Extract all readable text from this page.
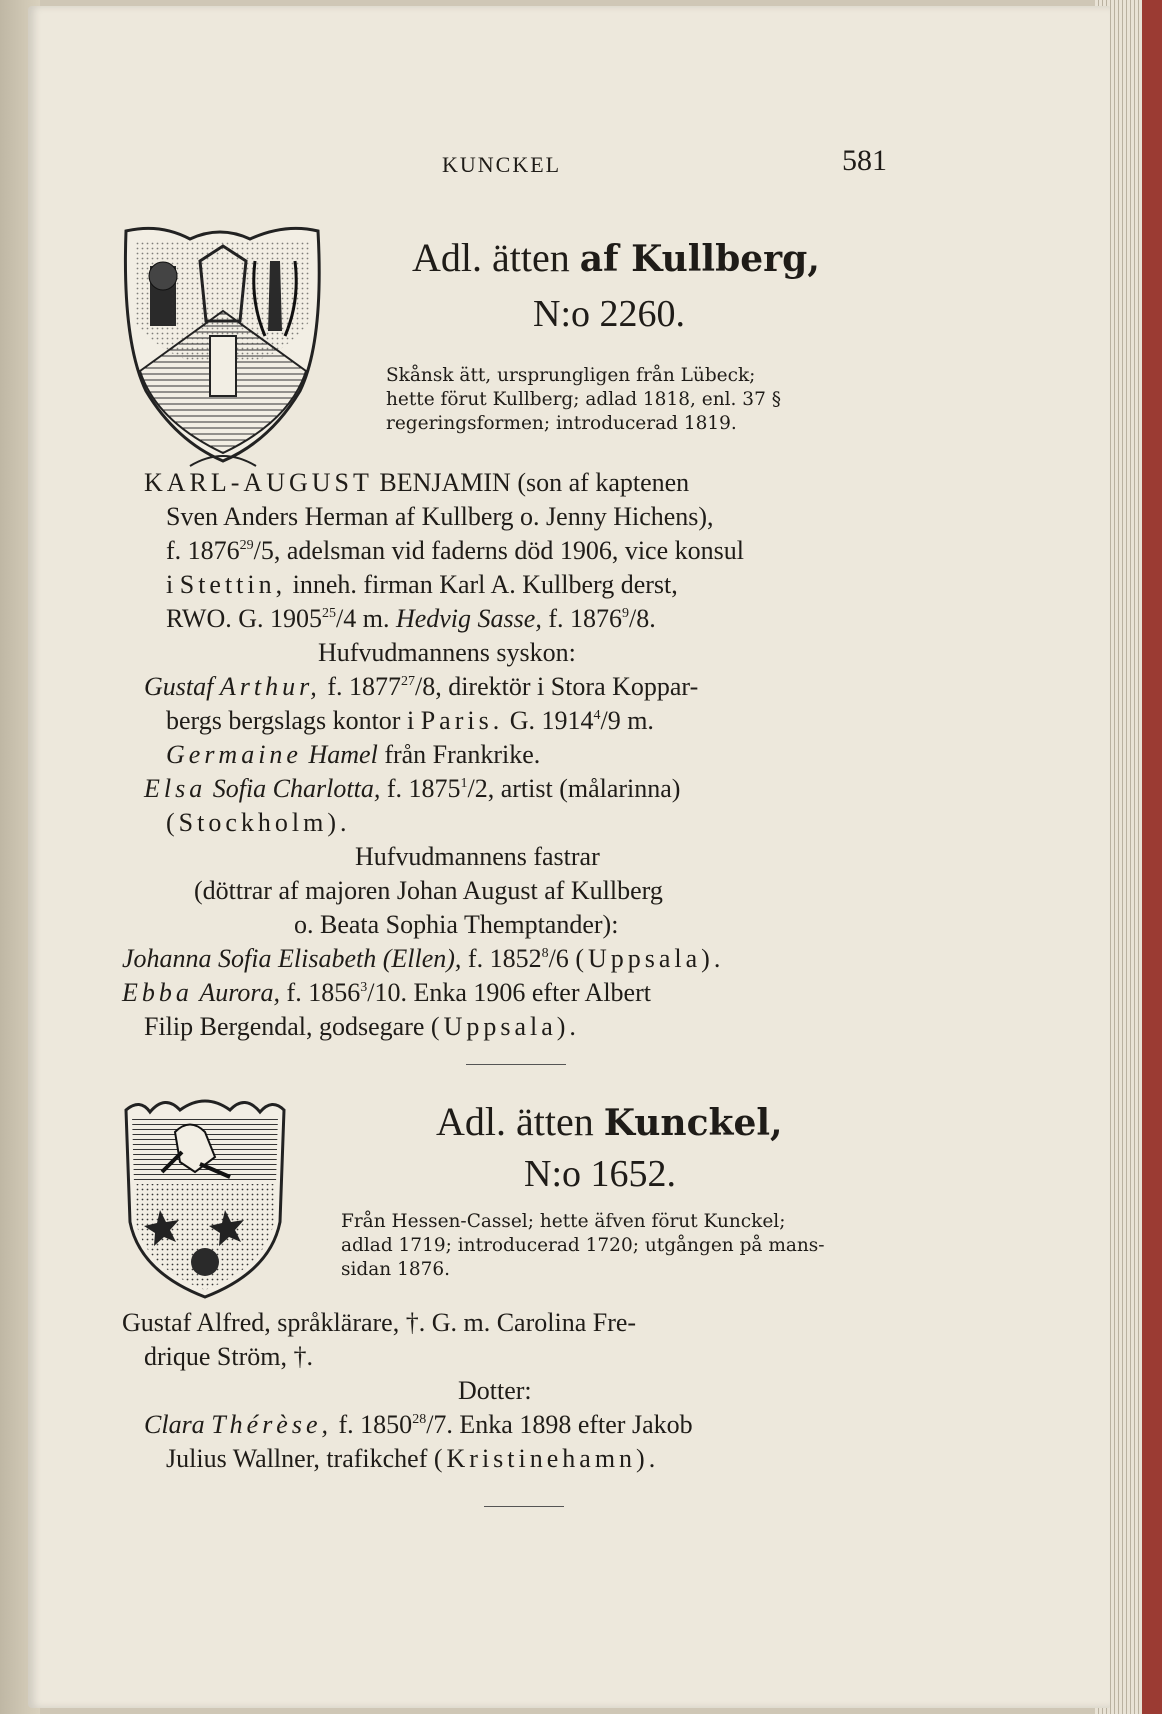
KUNCKEL	581
Adl. ätten af Kullberg,
N:o 2260.
Skånsk ätt, ursprungligen från Lübeck;
hette förut Kullberg; adlad 1818, enl. 37 §
regeringsformen; introducerad 1819.
KARL-AUGUST BENJAMIN (son af kaptenen
Sven Anders Herman af Kullberg o. Jenny Hichens),
f. 1876$^{29}$/5, adelsman vid faderns död 1906, vice konsul
i Stettin, inneh. firman Karl A. Kullberg derst,
RWO. G. 1905$^{25}$/4 m. Hedvig Sasse, f. 1876$^9$/8.
Hufvudmannens syskon:
Gustaf Arthur, f. 1877$^{27}$/8, direktör i Stora Koppar-
bergs bergslags kontor i Paris. G. 1914$^4$/9 m.
Germaine Hamel från Frankrike.
Elsa Sofia Charlotta, f. 1875$^1$/2, artist (målarinna)
(Stockholm).
Hufvudmannens fastrar
(döttrar af majoren Johan August af Kullberg
o. Beata Sophia Themptander):
Johanna Sofia Elisabeth (Ellen), f. 1852$^8$/6 (Uppsala).
Ebba Aurora, f. 1856$^3$/10. Enka 1906 efter Albert
Filip Bergendal, godsegare (Uppsala).
Adl. ätten Kunckel,
N:o 1652.
Från Hessen-Cassel; hette äfven förut Kunckel;
adlad 1719; introducerad 1720; utgången på mans-
sidan 1876.
Gustaf Alfred, språklärare, †. G. m. Carolina Fre-
drique Ström, †.
Dotter:
Clara Thérèse, f. 1850$^{28}$/7. Enka 1898 efter Jakob
Julius Wallner, trafikchef (Kristinehamn).
